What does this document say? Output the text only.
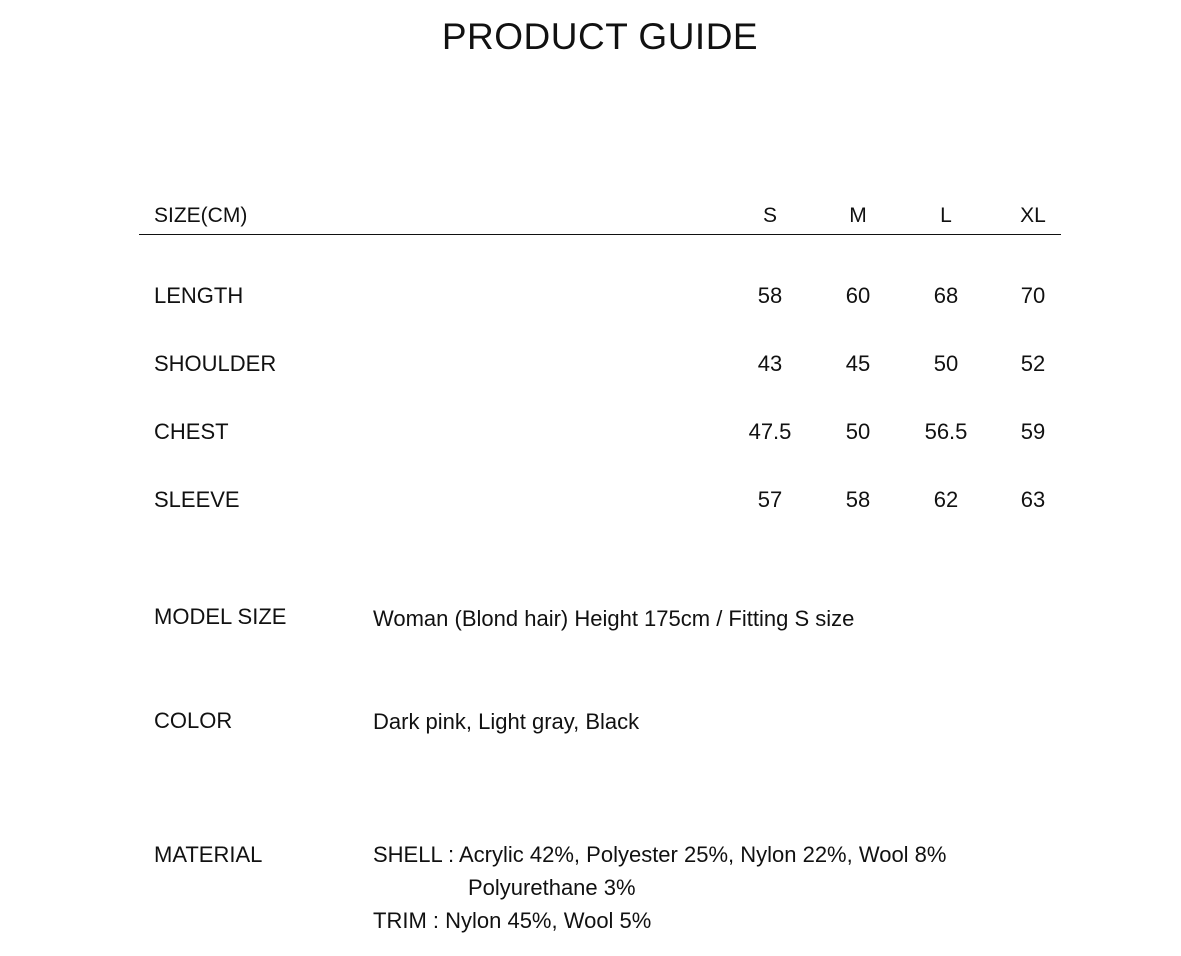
PRODUCT GUIDE
SIZE(CM)	S	M	L	XL
LENGTH	58	60	68	70
SHOULDER	43	45	50	52
CHEST	47.5	50	56.5	59
SLEEVE	57	58	62	63
MODEL SIZE	Woman (Blond hair) Height 175cm / Fitting S size
COLOR	Dark pink, Light gray, Black
MATERIAL	SHELL : Acrylic 42%, Polyester 25%, Nylon 22%, Wool 8%
Polyurethane 3%
TRIM : Nylon 45%, Wool 5%
